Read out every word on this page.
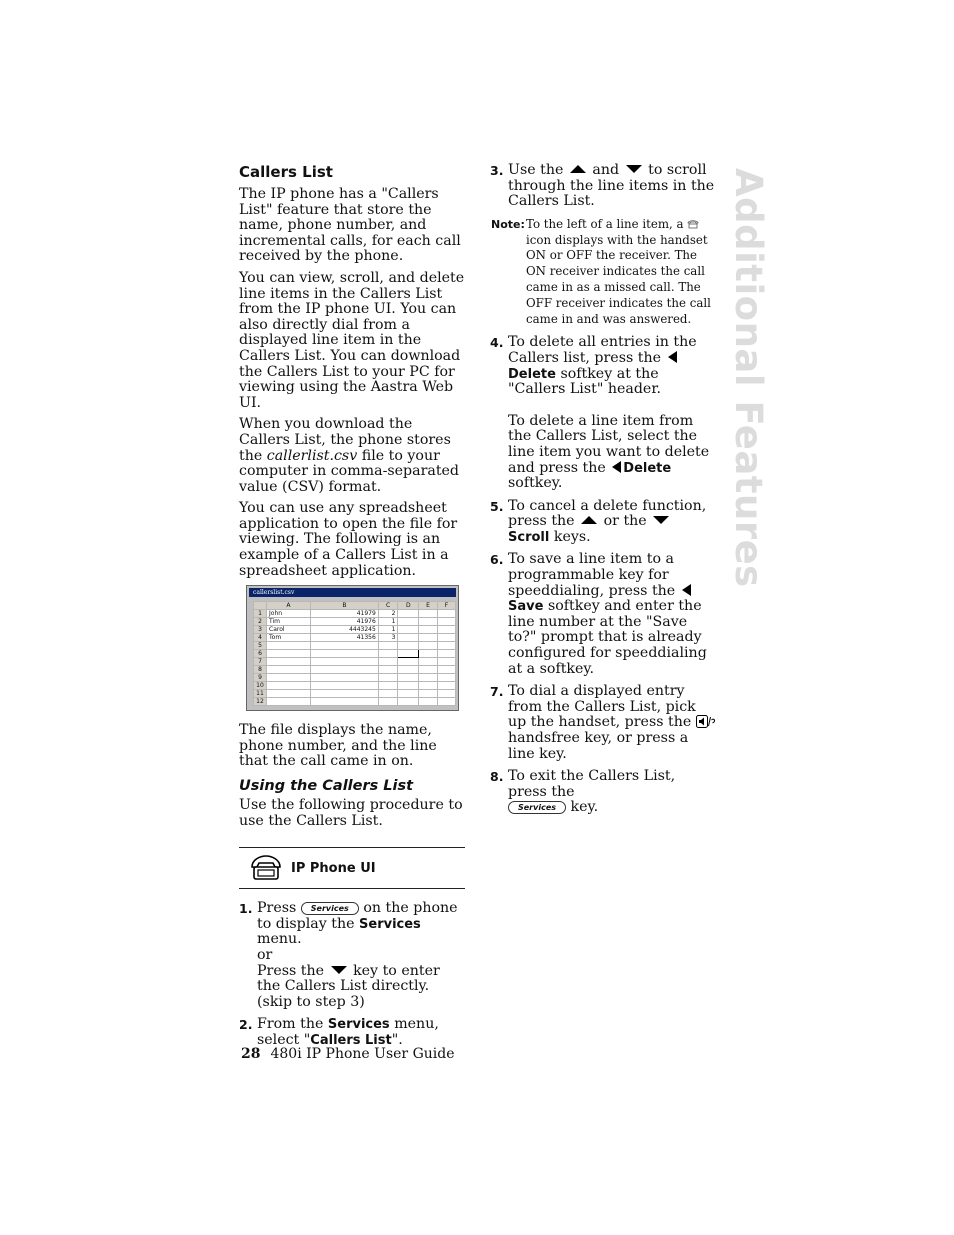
Additional Features
Callers List

The IP phone has a "Callers List" feature that store the name, phone number, and incremental calls, for each call received by the phone.

You can view, scroll, and delete line items in the Callers List from the IP phone UI. You can also directly dial from a displayed line item in the Callers List. You can download the Callers List to your PC for viewing using the Aastra Web UI.

When you download the Callers List, the phone stores the callerlist.csv file to your computer in comma-separated value (CSV) format.

You can use any spreadsheet application to open the file for viewing. The following is an example of a Callers List in a spreadsheet application.

callerslist.csv
	A	B	C	D	E	F
1	John	41979	2			
2	Tim	41976	1			
3	Carol	4443245	1			
4	Tom	41356	3			
5						
6						
7						
8						
9						
10						
11						
12						

The file displays the name, phone number, and the line that the call came in on.

Using the Callers List

Use the following procedure to use the Callers List.

IP Phone UI
1. Press Services on the phone to display the Services menu.
or
Press the key to enter the Callers List directly. (skip to step 3)
2. From the Services menu, select "Callers List".
3. Use the and to scroll through the line items in the Callers List.
Note: To the left of a line item, a  icon displays with the handset ON or OFF the receiver. The ON receiver indicates the call came in as a missed call. The OFF receiver indicates the call came in and was answered.
4. To delete all entries in the Callers list, press the Delete softkey at the "Callers List" header.
To delete a line item from the Callers List, select the line item you want to delete and press the Delete softkey.
5. To cancel a delete function, press the or the  Scroll keys.
6. To save a line item to a programmable key for speeddialing, press the Save softkey and enter the line number at the "Save to?" prompt that is already configured for speeddialing at a softkey.
7. To dial a displayed entry from the Callers List, pick up the handset, press the  handsfree key, or press a line key.
8. To exit the Callers List, press the
Services key.
28 480i IP Phone User Guide
